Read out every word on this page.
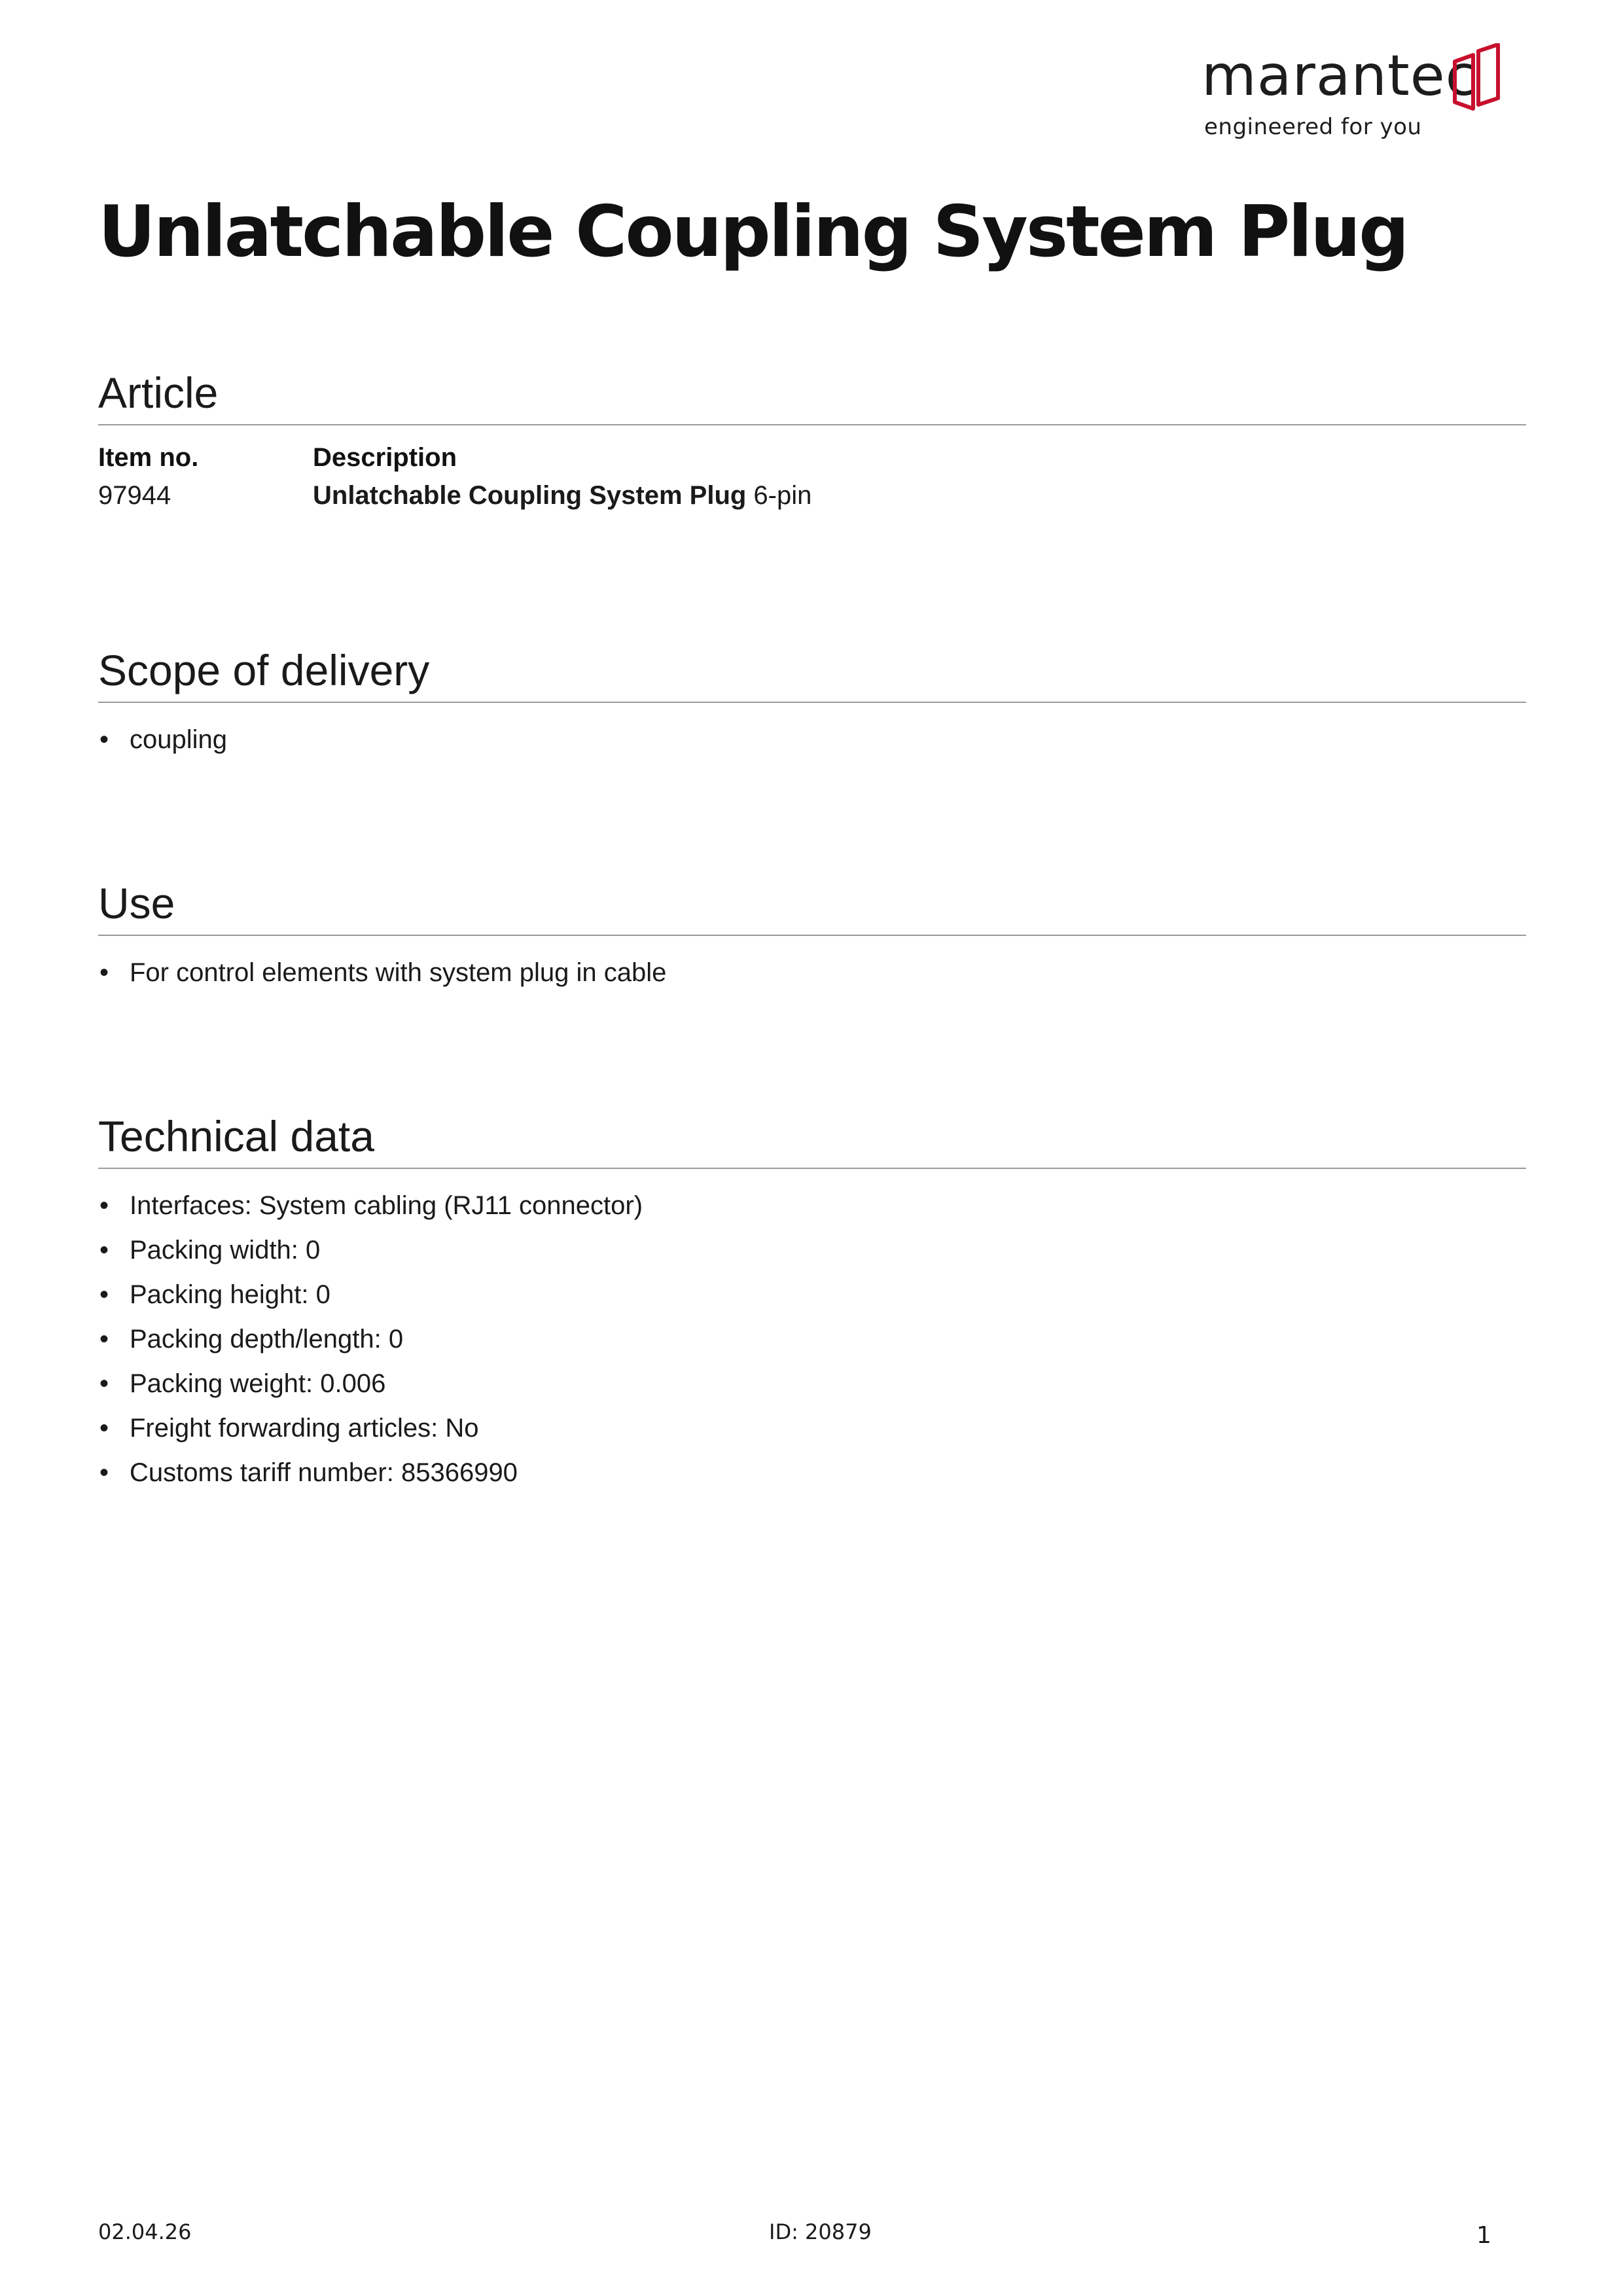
marantec
engineered for you
Unlatchable Coupling System Plug
Article
Item no.	Description
97944	Unlatchable Coupling System Plug 6-pin
Scope of delivery
• coupling
Use
• For control elements with system plug in cable
Technical data
• Interfaces: System cabling (RJ11 connector)
• Packing width: 0
• Packing height: 0
• Packing depth/length: 0
• Packing weight: 0.006
• Freight forwarding articles: No
• Customs tariff number: 85366990
02.04.26	ID: 20879	1
